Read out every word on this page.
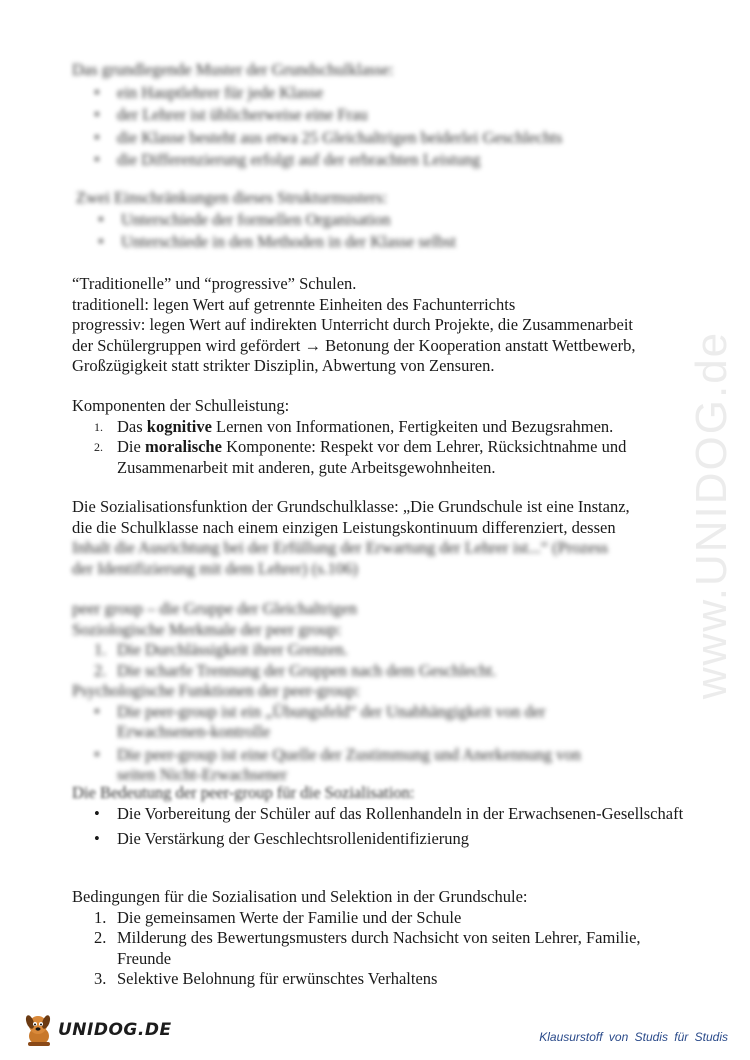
www.UNIDOG.de

Das grundlegende Muster der Grundschulklasse:

• ein Hauptlehrer für jede Klasse
• der Lehrer ist üblicherweise eine Frau
• die Klasse besteht aus etwa 25 Gleichaltrigen beiderlei Geschlechts
• die Differenzierung erfolgt auf der erbrachten Leistung

Zwei Einschränkungen dieses Strukturmusters:

• Unterschiede der formellen Organisation
• Unterschiede in den Methoden in der Klasse selbst

“Traditionelle” und “progressive” Schulen.

traditionell: legen Wert auf getrennte Einheiten des Fachunterrichts

progressiv: legen Wert auf indirekten Unterricht durch Projekte, die Zusammenarbeit

der Schülergruppen wird gefördert → Betonung der Kooperation anstatt Wettbewerb,

Großzügigkeit statt strikter Disziplin, Abwertung von Zensuren.

Komponenten der Schulleistung:

1. Das kognitive Lernen von Informationen, Fertigkeiten und Bezugsrahmen.
2. Die moralische Komponente: Respekt vor dem Lehrer, Rücksichtnahme und Zusammenarbeit mit anderen, gute Arbeitsgewohnheiten.

Die Sozialisationsfunktion der Grundschulklasse: „Die Grundschule ist eine Instanz,

die die Schulklasse nach einem einzigen Leistungskontinuum differenziert, dessen

Inhalt die Ausrichtung bei der Erfüllung der Erwartung der Lehrer ist...“ (Prozess

der Identifizierung mit dem Lehrer) (s.106)

peer group – die Gruppe der Gleichaltrigen

Soziologische Merkmale der peer group:

1. Die Durchlässigkeit ihrer Grenzen.
2. Die scharfe Trennung der Gruppen nach dem Geschlecht.

Psychologische Funktionen der peer-group:

• Die peer-group ist ein „Übungsfeld“ der Unabhängigkeit von der Erwachsenen-kontrolle
• Die peer-group ist eine Quelle der Zustimmung und Anerkennung von seiten Nicht-Erwachsener

Die Bedeutung der peer-group für die Sozialisation:

• Die Vorbereitung der Schüler auf das Rollenhandeln in der Erwachsenen-Gesellschaft
• Die Verstärkung der Geschlechtsrollenidentifizierung

Bedingungen für die Sozialisation und Selektion in der Grundschule:

1. Die gemeinsamen Werte der Familie und der Schule
2. Milderung des Bewertungsmusters durch Nachsicht von seiten Lehrer, Familie, Freunde
3. Selektive Belohnung für erwünschtes Verhaltens
UNIDOG.DE	Klausurstoff von Studis für Studis
